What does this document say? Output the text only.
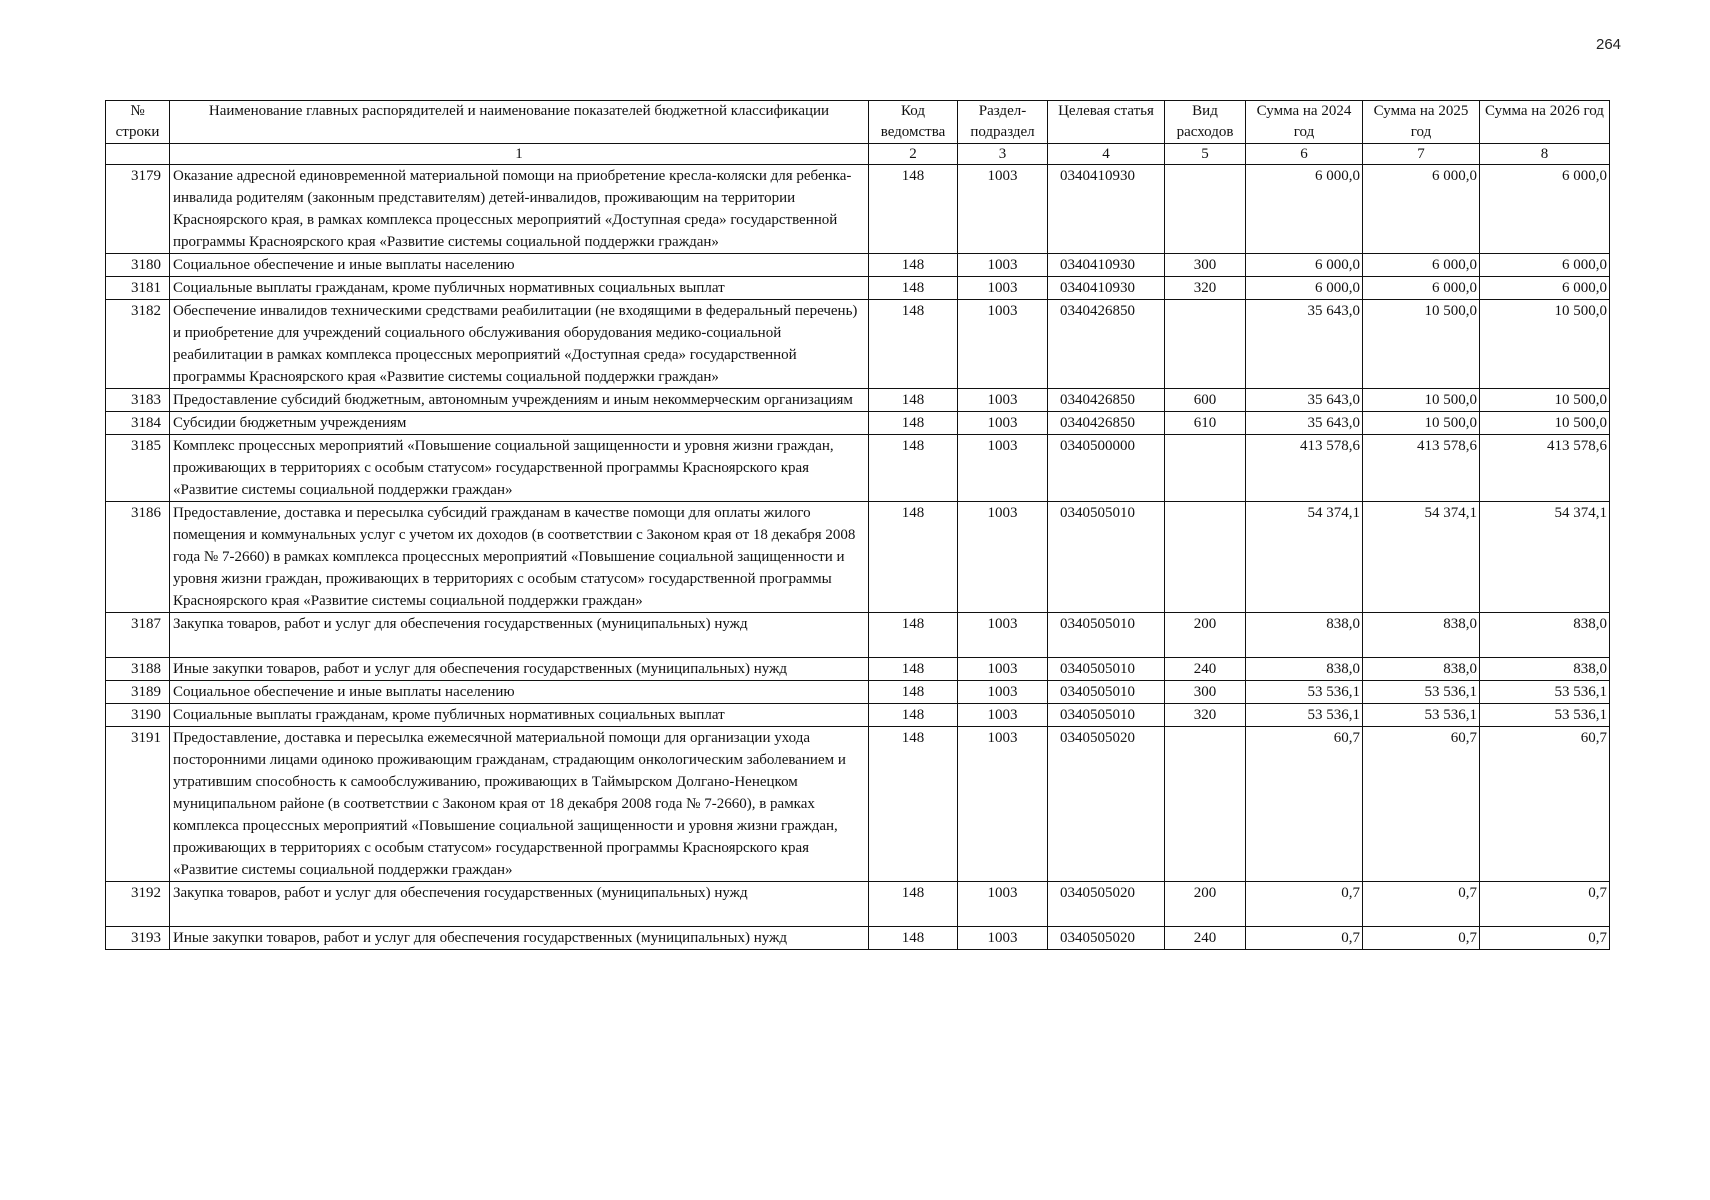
264
№ строки	Наименование главных распорядителей и наименование показателей бюджетной классификации	Код ведомства	Раздел-подраздел	Целевая статья	Вид расходов	Сумма на 2024 год	Сумма на 2025 год	Сумма на 2026 год
	1	2	3	4	5	6	7	8
3179	Оказание адресной единовременной материальной помощи на приобретение кресла-коляски для ребенка-инвалида родителям (законным представителям) детей-инвалидов, проживающим на территории Красноярского края, в рамках комплекса процессных мероприятий «Доступная среда» государственной программы Красноярского края «Развитие системы социальной поддержки граждан»	148	1003	0340410930		6 000,0	6 000,0	6 000,0
3180	Социальное обеспечение и иные выплаты населению	148	1003	0340410930	300	6 000,0	6 000,0	6 000,0
3181	Социальные выплаты гражданам, кроме публичных нормативных социальных выплат	148	1003	0340410930	320	6 000,0	6 000,0	6 000,0
3182	Обеспечение инвалидов техническими средствами реабилитации (не входящими в федеральный перечень) и приобретение для учреждений социального обслуживания оборудования медико-социальной реабилитации в рамках комплекса процессных мероприятий «Доступная среда» государственной программы Красноярского края «Развитие системы социальной поддержки граждан»	148	1003	0340426850		35 643,0	10 500,0	10 500,0
3183	Предоставление субсидий бюджетным, автономным учреждениям и иным некоммерческим организациям	148	1003	0340426850	600	35 643,0	10 500,0	10 500,0
3184	Субсидии бюджетным учреждениям	148	1003	0340426850	610	35 643,0	10 500,0	10 500,0
3185	Комплекс процессных мероприятий «Повышение социальной защищенности и уровня жизни граждан, проживающих в территориях с особым статусом» государственной программы Красноярского края «Развитие системы социальной поддержки граждан»	148	1003	0340500000		413 578,6	413 578,6	413 578,6
3186	Предоставление, доставка и пересылка субсидий гражданам в качестве помощи для оплаты жилого помещения и коммунальных услуг с учетом их доходов (в соответствии с Законом края от 18 декабря 2008 года № 7-2660) в рамках комплекса процессных мероприятий «Повышение социальной защищенности и уровня жизни граждан, проживающих в территориях с особым статусом» государственной программы Красноярского края «Развитие системы социальной поддержки граждан»	148	1003	0340505010		54 374,1	54 374,1	54 374,1
3187	Закупка товаров, работ и услуг для обеспечения государственных (муниципальных) нужд	148	1003	0340505010	200	838,0	838,0	838,0
3188	Иные закупки товаров, работ и услуг для обеспечения государственных (муниципальных) нужд	148	1003	0340505010	240	838,0	838,0	838,0
3189	Социальное обеспечение и иные выплаты населению	148	1003	0340505010	300	53 536,1	53 536,1	53 536,1
3190	Социальные выплаты гражданам, кроме публичных нормативных социальных выплат	148	1003	0340505010	320	53 536,1	53 536,1	53 536,1
3191	Предоставление, доставка и пересылка ежемесячной материальной помощи для организации ухода посторонними лицами одиноко проживающим гражданам, страдающим онкологическим заболеванием и утратившим способность к самообслуживанию, проживающих в Таймырском Долгано-Ненецком муниципальном районе (в соответствии с Законом края от 18 декабря 2008 года № 7-2660), в рамках комплекса процессных мероприятий «Повышение социальной защищенности и уровня жизни граждан, проживающих в территориях с особым статусом» государственной программы Красноярского края «Развитие системы социальной поддержки граждан»	148	1003	0340505020		60,7	60,7	60,7
3192	Закупка товаров, работ и услуг для обеспечения государственных (муниципальных) нужд	148	1003	0340505020	200	0,7	0,7	0,7
3193	Иные закупки товаров, работ и услуг для обеспечения государственных (муниципальных) нужд	148	1003	0340505020	240	0,7	0,7	0,7
